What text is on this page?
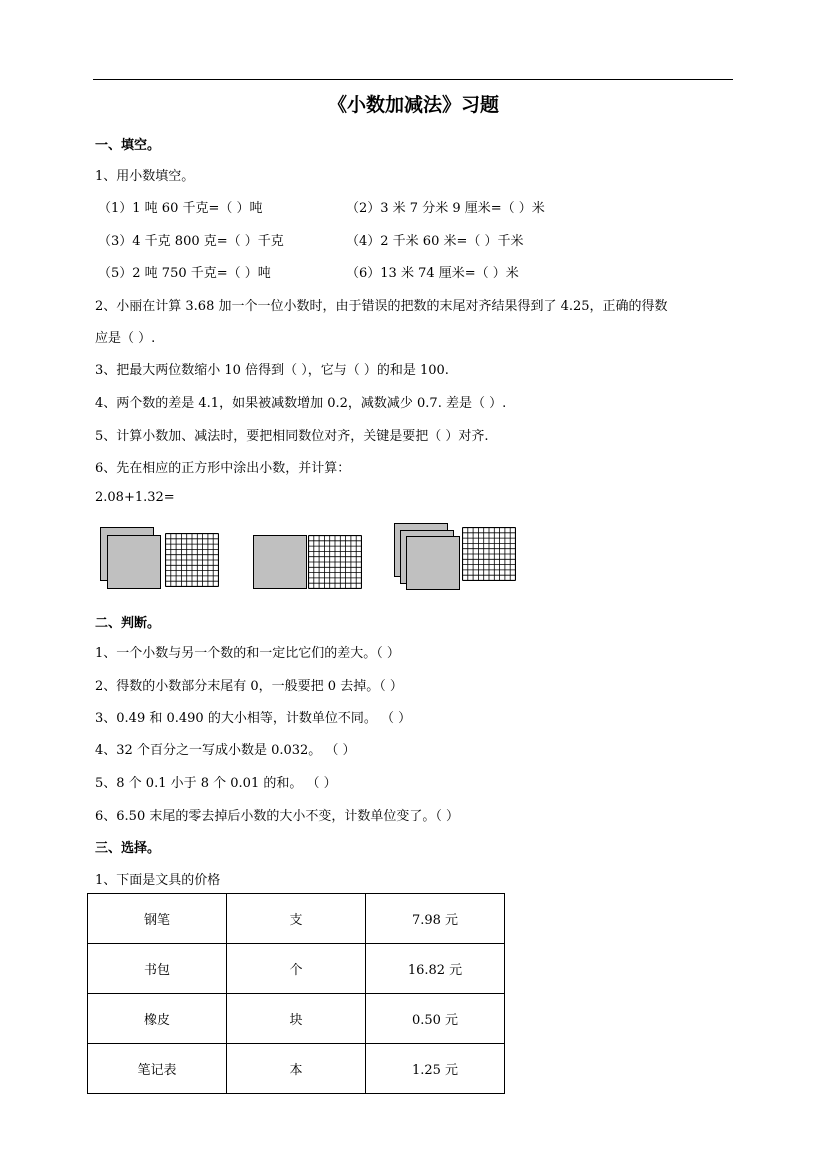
《小数加减法》习题
一、填空。
1、用小数填空。
（1）1 吨 60 千克=（ ）吨	（2）3 米 7 分米 9 厘米=（ ）米
（3）4 千克 800 克=（ ）千克	（4）2 千米 60 米=（ ）千米
（5）2 吨 750 千克=（ ）吨	（6）13 米 74 厘米=（ ）米
2、小丽在计算 3.68 加一个一位小数时，由于错误的把数的末尾对齐结果得到了 4.25，正确的得数
应是（ ）.
3、把最大两位数缩小 10 倍得到（ ），它与（ ）的和是 100.
4、两个数的差是 4.1，如果被减数增加 0.2，减数减少 0.7. 差是（ ）.
5、计算小数加、减法时，要把相同数位对齐，关键是要把（ ）对齐.
6、先在相应的正方形中涂出小数，并计算：
2.08+1.32=
二、判断。
1、一个小数与另一个数的和一定比它们的差大。（ ）
2、得数的小数部分末尾有 0，一般要把 0 去掉。（ ）
3、0.49 和 0.490 的大小相等，计数单位不同。 （ ）
4、32 个百分之一写成小数是 0.032。 （ ）
5、8 个 0.1 小于 8 个 0.01 的和。 （ ）
6、6.50 末尾的零去掉后小数的大小不变，计数单位变了。（ ）
三、选择。
1、下面是文具的价格
钢笔	支	7.98 元
书包	个	16.82 元
橡皮	块	0.50 元
笔记表	本	1.25 元
